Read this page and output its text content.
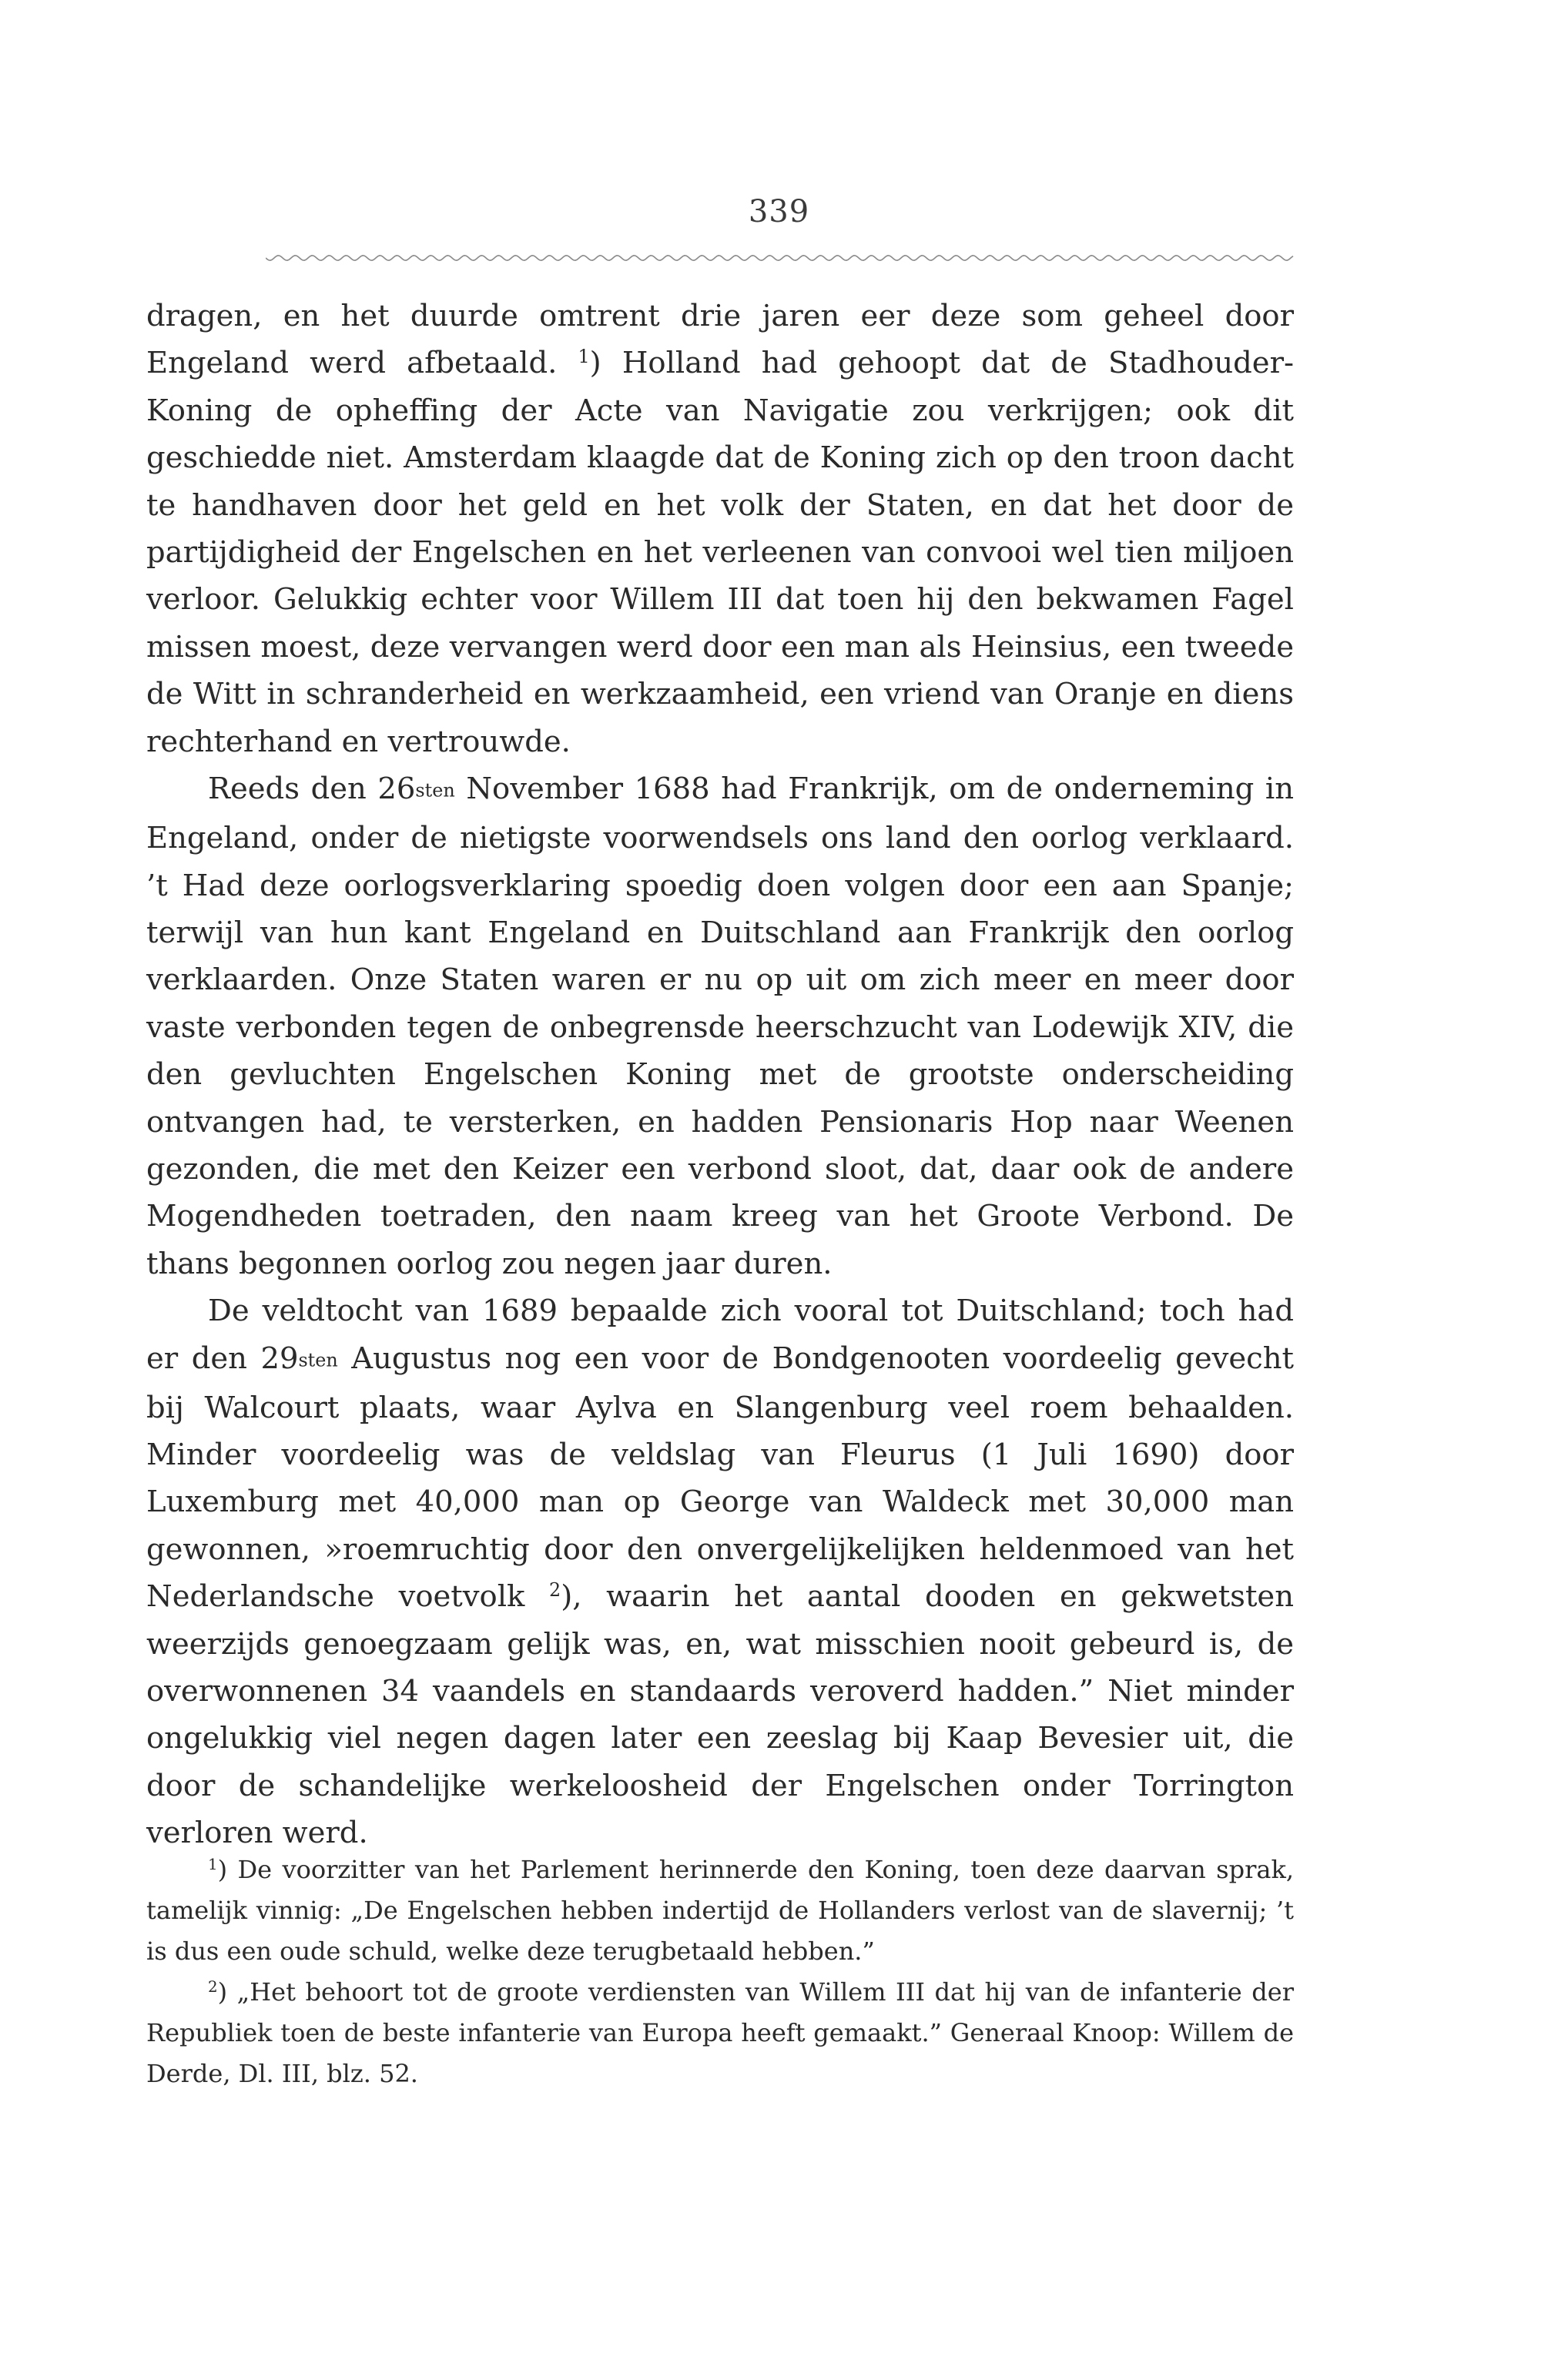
339

dragen, en het duurde omtrent drie jaren eer deze som geheel door Engeland werd afbetaald. $^1$) Holland had gehoopt dat de Stadhouder-Koning de opheffing der Acte van Navigatie zou verkrijgen; ook dit geschiedde niet. Amsterdam klaagde dat de Koning zich op den troon dacht te handhaven door het geld en het volk der Staten, en dat het door de partijdigheid der Engelschen en het verleenen van convooi wel tien miljoen verloor. Gelukkig echter voor Willem III dat toen hij den bekwamen Fagel missen moest, deze vervangen werd door een man als Heinsius, een tweede de Witt in schranderheid en werkzaamheid, een vriend van Oranje en diens rechterhand en vertrouwde.

Reeds den 26sten November 1688 had Frankrijk, om de onderneming in Engeland, onder de nietigste voorwendsels ons land den oorlog verklaard. ’t Had deze oorlogsverklaring spoedig doen volgen door een aan Spanje; terwijl van hun kant Engeland en Duitschland aan Frankrijk den oorlog verklaarden. Onze Staten waren er nu op uit om zich meer en meer door vaste verbonden tegen de onbegrensde heerschzucht van Lodewijk XIV, die den gevluchten Engelschen Koning met de grootste onderscheiding ontvangen had, te versterken, en hadden Pensionaris Hop naar Weenen gezonden, die met den Keizer een verbond sloot, dat, daar ook de andere Mogendheden toetraden, den naam kreeg van het Groote Verbond. De thans begonnen oorlog zou negen jaar duren.

De veldtocht van 1689 bepaalde zich vooral tot Duitschland; toch had er den 29sten Augustus nog een voor de Bondgenooten voordeelig gevecht bij Walcourt plaats, waar Aylva en Slangenburg veel roem behaalden. Minder voordeelig was de veldslag van Fleurus (1 Juli 1690) door Luxemburg met 40,000 man op George van Waldeck met 30,000 man gewonnen, »roemruchtig door den onvergelijkelijken heldenmoed van het Nederlandsche voetvolk $^2$), waarin het aantal dooden en gekwetsten weerzijds genoegzaam gelijk was, en, wat misschien nooit gebeurd is, de overwonnenen 34 vaandels en standaards veroverd hadden.” Niet minder ongelukkig viel negen dagen later een zeeslag bij Kaap Bevesier uit, die door de schandelijke werkeloosheid der Engelschen onder Torrington verloren werd.

$^1$) De voorzitter van het Parlement herinnerde den Koning, toen deze daarvan sprak, tamelijk vinnig: „De Engelschen hebben indertijd de Hollanders verlost van de slavernij; ’t is dus een oude schuld, welke deze terugbetaald hebben.”

$^2$) „Het behoort tot de groote verdiensten van Willem III dat hij van de infanterie der Republiek toen de beste infanterie van Europa heeft gemaakt.” Generaal Knoop: Willem de Derde, Dl. III, blz. 52.
